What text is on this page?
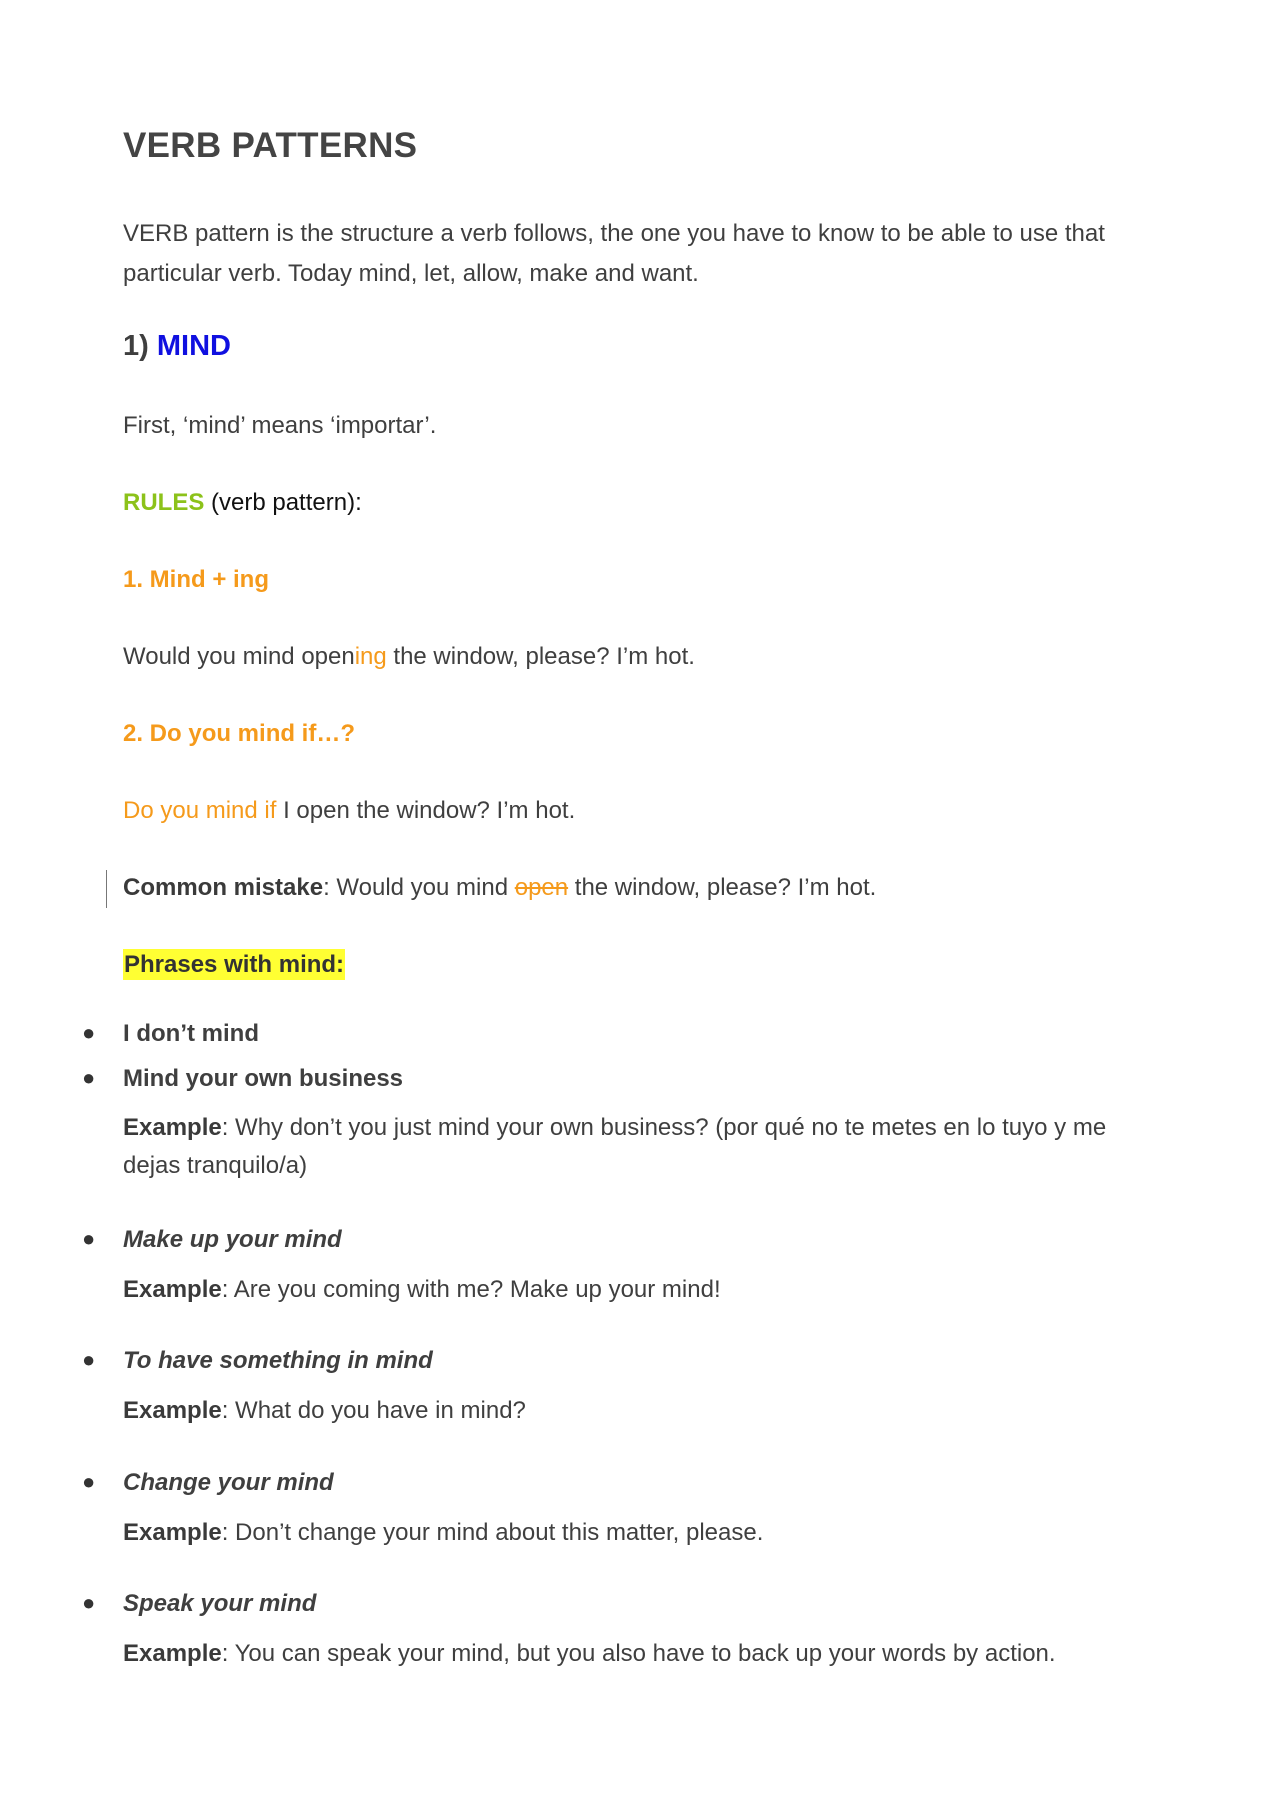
VERB PATTERNS

VERB pattern is the structure a verb follows, the one you have to know to be able to use that particular verb. Today mind, let, allow, make and want.

1) MIND

First, ‘mind’ means ‘importar’.

RULES (verb pattern):

1. Mind + ing

Would you mind opening the window, please? I’m hot.

2. Do you mind if…?

Do you mind if I open the window? I’m hot.

Common mistake: Would you mind open the window, please? I’m hot.

Phrases with mind:

● I don’t mind

● Mind your own business

Example: Why don’t you just mind your own business? (por qué no te metes en lo tuyo y me dejas tranquilo/a)

● Make up your mind

Example: Are you coming with me? Make up your mind!

● To have something in mind

Example: What do you have in mind?

● Change your mind

Example: Don’t change your mind about this matter, please.

● Speak your mind

Example: You can speak your mind, but you also have to back up your words by action.
